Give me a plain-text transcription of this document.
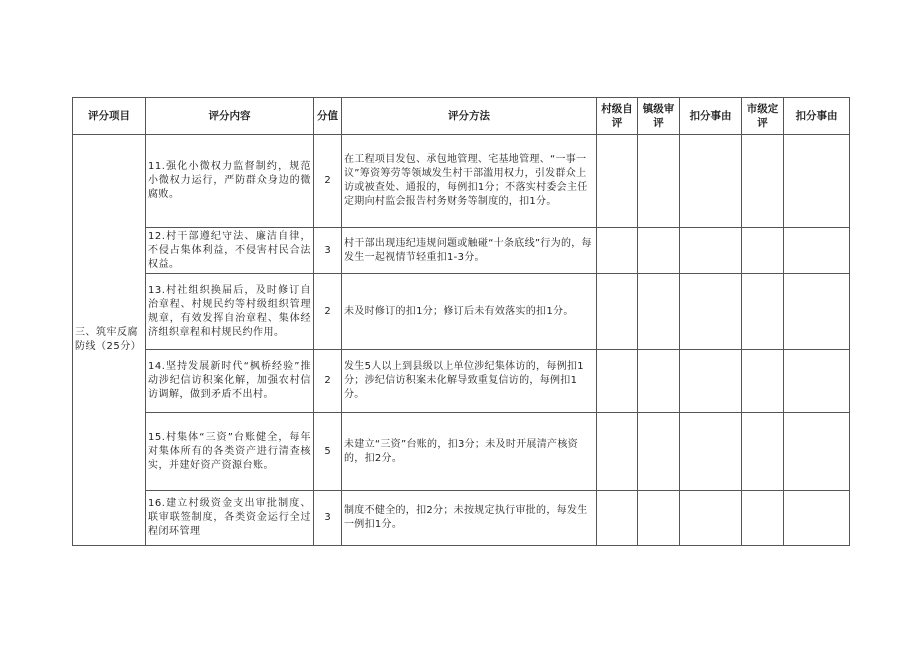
评分项目	评分内容	分值	评分方法	村级自评	镇级审评	扣分事由	市级定评	扣分事由
三、筑牢反腐防线（25分）	11.强化小微权力监督制约，规范小微权力运行，严防群众身边的微腐败。	2	在工程项目发包、承包地管理、宅基地管理、“一事一议”筹资筹劳等领域发生村干部滥用权力，引发群众上访或被查处、通报的，每例扣1分；不落实村委会主任定期向村监会报告村务财务等制度的，扣1分。					
	12.村干部遵纪守法、廉洁自律，不侵占集体利益，不侵害村民合法权益。	3	村干部出现违纪违规问题或触碰“十条底线”行为的，每发生一起视情节轻重扣1-3分。					
	13.村社组织换届后，及时修订自治章程、村规民约等村级组织管理规章，有效发挥自治章程、集体经济组织章程和村规民约作用。	2	未及时修订的扣1分；修订后未有效落实的扣1分。					
	14.坚持发展新时代“枫桥经验”推动涉纪信访积案化解，加强农村信访调解，做到矛盾不出村。	2	发生5人以上到县级以上单位涉纪集体访的，每例扣1分；涉纪信访积案未化解导致重复信访的，每例扣1分。					
	15.村集体“三资”台账健全，每年对集体所有的各类资产进行清查核实，并建好资产资源台账。	5	未建立“三资”台账的，扣3分；未及时开展清产核资的，扣2分。					
	16.建立村级资金支出审批制度、联审联签制度，各类资金运行全过程闭环管理	3	制度不健全的，扣2分；未按规定执行审批的，每发生一例扣1分。					
